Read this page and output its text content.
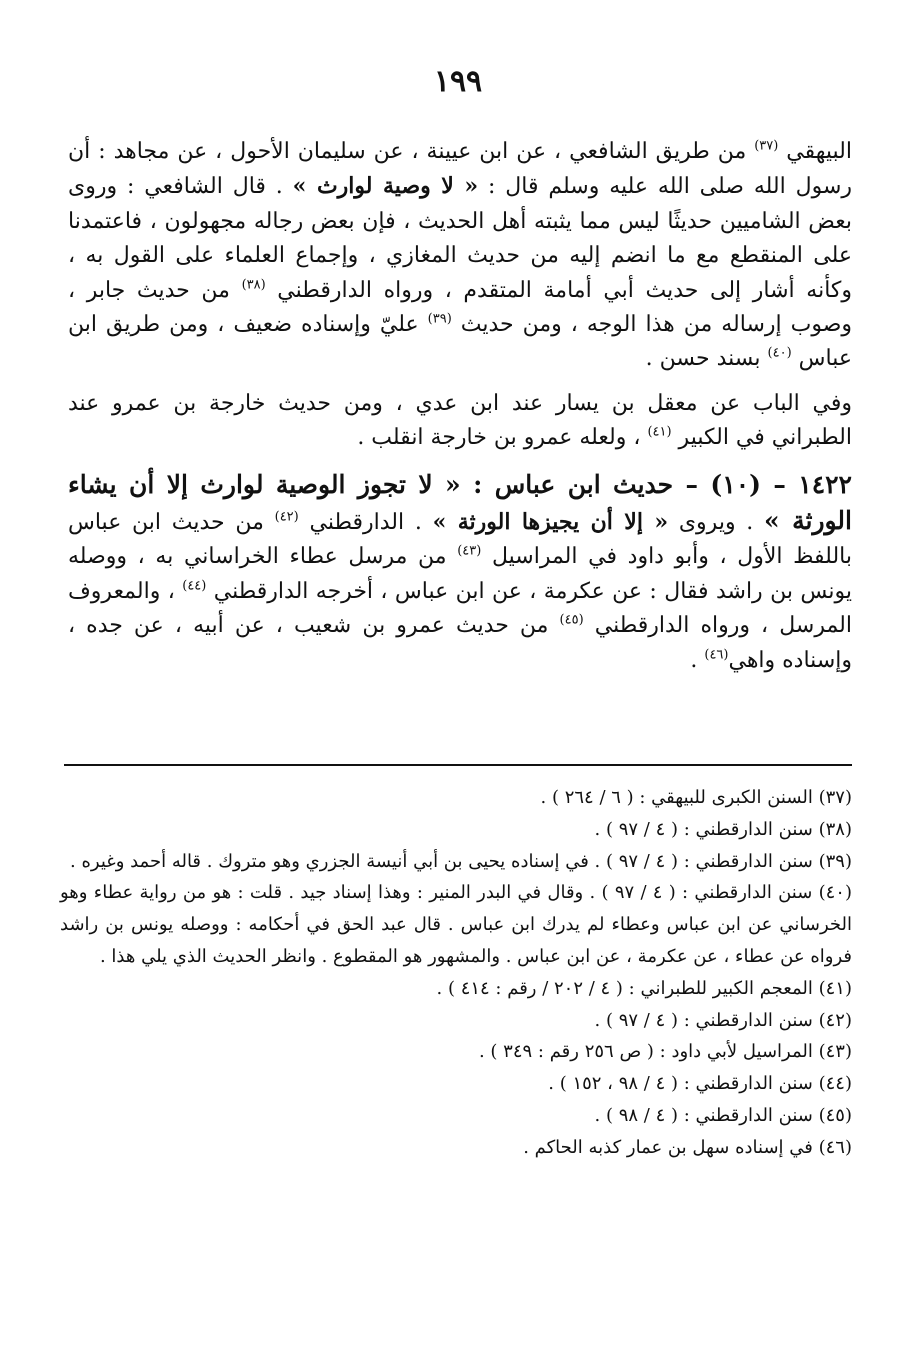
١٩٩

البيهقي $^{(٣٧)}$ من طريق الشافعي ، عن ابن عيينة ، عن سليمان الأحول ، عن مجاهد : أن رسول الله صلى الله عليه وسلم قال : « لا وصية لوارث » . قال الشافعي : وروى بعض الشاميين حديثًا ليس مما يثبته أهل الحديث ، فإن بعض رجاله مجهولون ، فاعتمدنا على المنقطع مع ما انضم إليه من حديث المغازي ، وإجماع العلماء على القول به ، وكأنه أشار إلى حديث أبي أمامة المتقدم ، ورواه الدارقطني $^{(٣٨)}$ من حديث جابر ، وصوب إرساله من هذا الوجه ، ومن حديث $^{(٣٩)}$ عليّ وإسناده ضعيف ، ومن طريق ابن عباس $^{(٤٠)}$ بسند حسن .

وفي الباب عن معقل بن يسار عند ابن عدي ، ومن حديث خارجة بن عمرو عند الطبراني في الكبير $^{(٤١)}$ ، ولعله عمرو بن خارجة انقلب .

١٤٢٢ – (١٠) – حديث ابن عباس : « لا تجوز الوصية لوارث إلا أن يشاء الورثة » . ويروى « إلا أن يجيزها الورثة » . الدارقطني $^{(٤٢)}$ من حديث ابن عباس باللفظ الأول ، وأبو داود في المراسيل $^{(٤٣)}$ من مرسل عطاء الخراساني به ، ووصله يونس بن راشد فقال : عن عكرمة ، عن ابن عباس ، أخرجه الدارقطني $^{(٤٤)}$ ، والمعروف المرسل ، ورواه الدارقطني $^{(٤٥)}$ من حديث عمرو بن شعيب ، عن أبيه ، عن جده ، وإسناده واهي$^{(٤٦)}$ .

(٣٧) السنن الكبرى للبيهقي : ( ٦ / ٢٦٤ ) .

(٣٨) سنن الدارقطني : ( ٤ / ٩٧ ) .

(٣٩) سنن الدارقطني : ( ٤ / ٩٧ ) . في إسناده يحيى بن أبي أنيسة الجزري وهو متروك . قاله أحمد وغيره .

(٤٠) سنن الدارقطني : ( ٤ / ٩٧ ) . وقال في البدر المنير : وهذا إسناد جيد . قلت : هو من رواية عطاء وهو الخرساني عن ابن عباس وعطاء لم يدرك ابن عباس . قال عبد الحق في أحكامه : ووصله يونس بن راشد فرواه عن عطاء ، عن عكرمة ، عن ابن عباس . والمشهور هو المقطوع . وانظر الحديث الذي يلي هذا .

(٤١) المعجم الكبير للطبراني : ( ٤ / ٢٠٢ / رقم : ٤١٤ ) .

(٤٢) سنن الدارقطني : ( ٤ / ٩٧ ) .

(٤٣) المراسيل لأبي داود : ( ص ٢٥٦ رقم : ٣٤٩ ) .

(٤٤) سنن الدارقطني : ( ٤ / ٩٨ ، ١٥٢ ) .

(٤٥) سنن الدارقطني : ( ٤ / ٩٨ ) .

(٤٦) في إسناده سهل بن عمار كذبه الحاكم .
